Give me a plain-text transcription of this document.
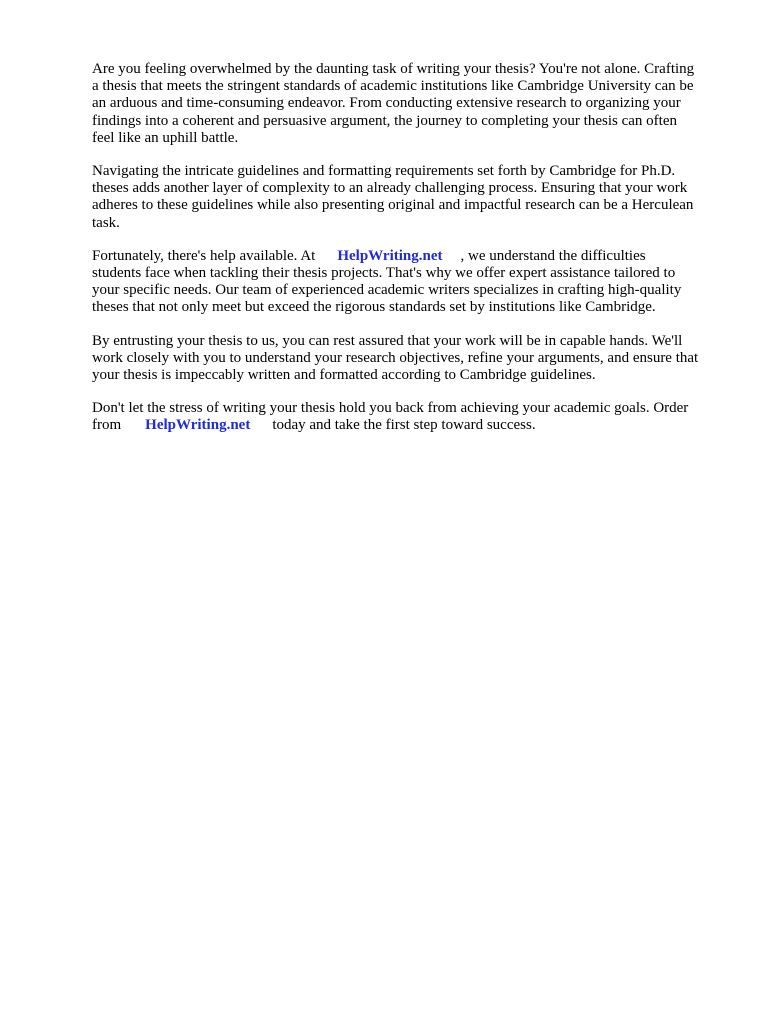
Are you feeling overwhelmed by the daunting task of writing your thesis? You're not alone. Crafting
a thesis that meets the stringent standards of academic institutions like Cambridge University can be
an arduous and time-consuming endeavor. From conducting extensive research to organizing your
findings into a coherent and persuasive argument, the journey to completing your thesis can often
feel like an uphill battle.

Navigating the intricate guidelines and formatting requirements set forth by Cambridge for Ph.D.
theses adds another layer of complexity to an already challenging process. Ensuring that your work
adheres to these guidelines while also presenting original and impactful research can be a Herculean
task.

Fortunately, there's help available. At HelpWriting.net , we understand the difficulties
students face when tackling their thesis projects. That's why we offer expert assistance tailored to
your specific needs. Our team of experienced academic writers specializes in crafting high-quality
theses that not only meet but exceed the rigorous standards set by institutions like Cambridge.

By entrusting your thesis to us, you can rest assured that your work will be in capable hands. We'll
work closely with you to understand your research objectives, refine your arguments, and ensure that
your thesis is impeccably written and formatted according to Cambridge guidelines.

Don't let the stress of writing your thesis hold you back from achieving your academic goals. Order
from HelpWriting.net today and take the first step toward success.
